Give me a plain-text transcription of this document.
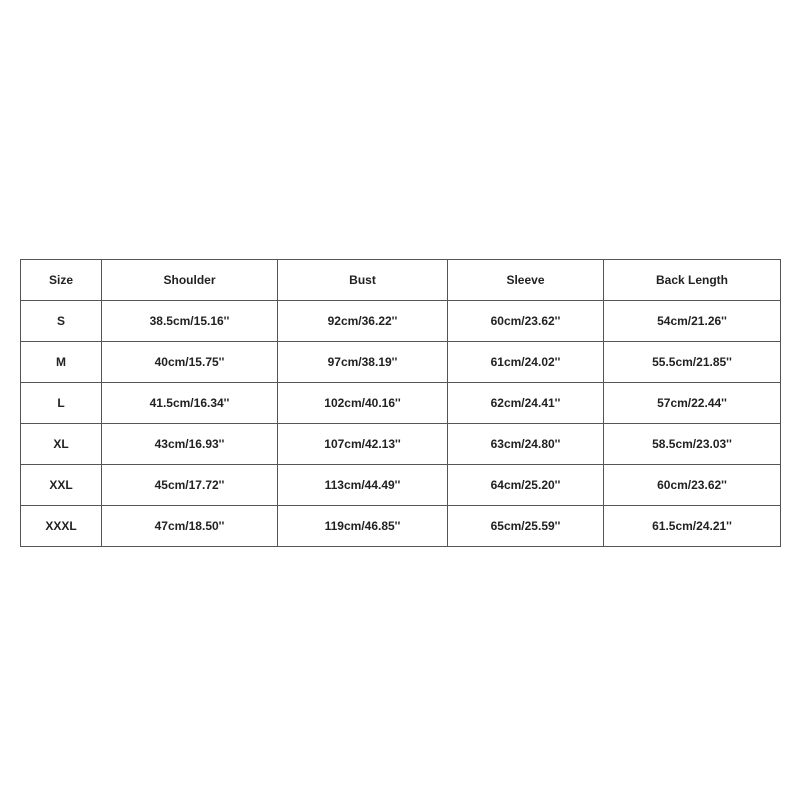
Size	Shoulder	Bust	Sleeve	Back Length
S	38.5cm/15.16''	92cm/36.22''	60cm/23.62''	54cm/21.26''
M	40cm/15.75''	97cm/38.19''	61cm/24.02''	55.5cm/21.85''
L	41.5cm/16.34''	102cm/40.16''	62cm/24.41''	57cm/22.44''
XL	43cm/16.93''	107cm/42.13''	63cm/24.80''	58.5cm/23.03''
XXL	45cm/17.72''	113cm/44.49''	64cm/25.20''	60cm/23.62''
XXXL	47cm/18.50''	119cm/46.85''	65cm/25.59''	61.5cm/24.21''
